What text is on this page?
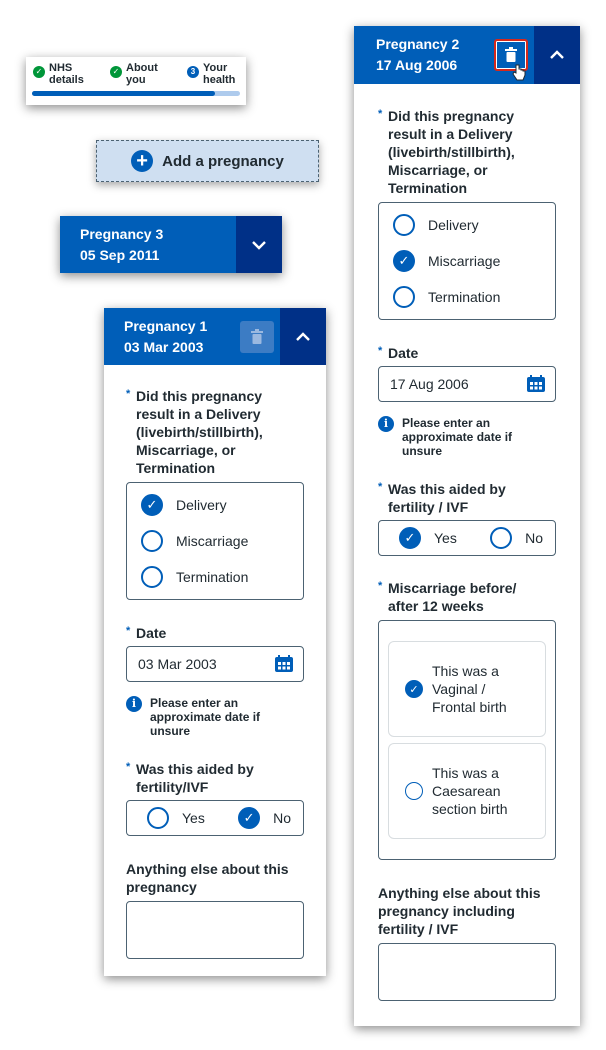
✓ NHS details
✓ About you
3 Your health
+ Add a pregnancy
Pregnancy 3
05 Sep 2011
Pregnancy 1
03 Mar 2003
* Did this pregnancy result in a Delivery (livebirth/stillbirth), Miscarriage, or Termination
✓	Delivery
Miscarriage
Termination
* Date
03 Mar 2003
i	Please enter an approximate date if unsure
* Was this aided by fertility/IVF
Yes	✓	No
Anything else about this pregnancy
Pregnancy 2
17 Aug 2006
* Did this pregnancy result in a Delivery (livebirth/stillbirth), Miscarriage, or Termination
Delivery
✓	Miscarriage
Termination
* Date
17 Aug 2006
i	Please enter an approximate date if unsure
* Was this aided by fertility / IVF
✓	Yes	No
* Miscarriage before/ after 12 weeks
✓
This was a Vaginal / Frontal birth
This was a Caesarean section birth
Anything else about this pregnancy including fertility / IVF
